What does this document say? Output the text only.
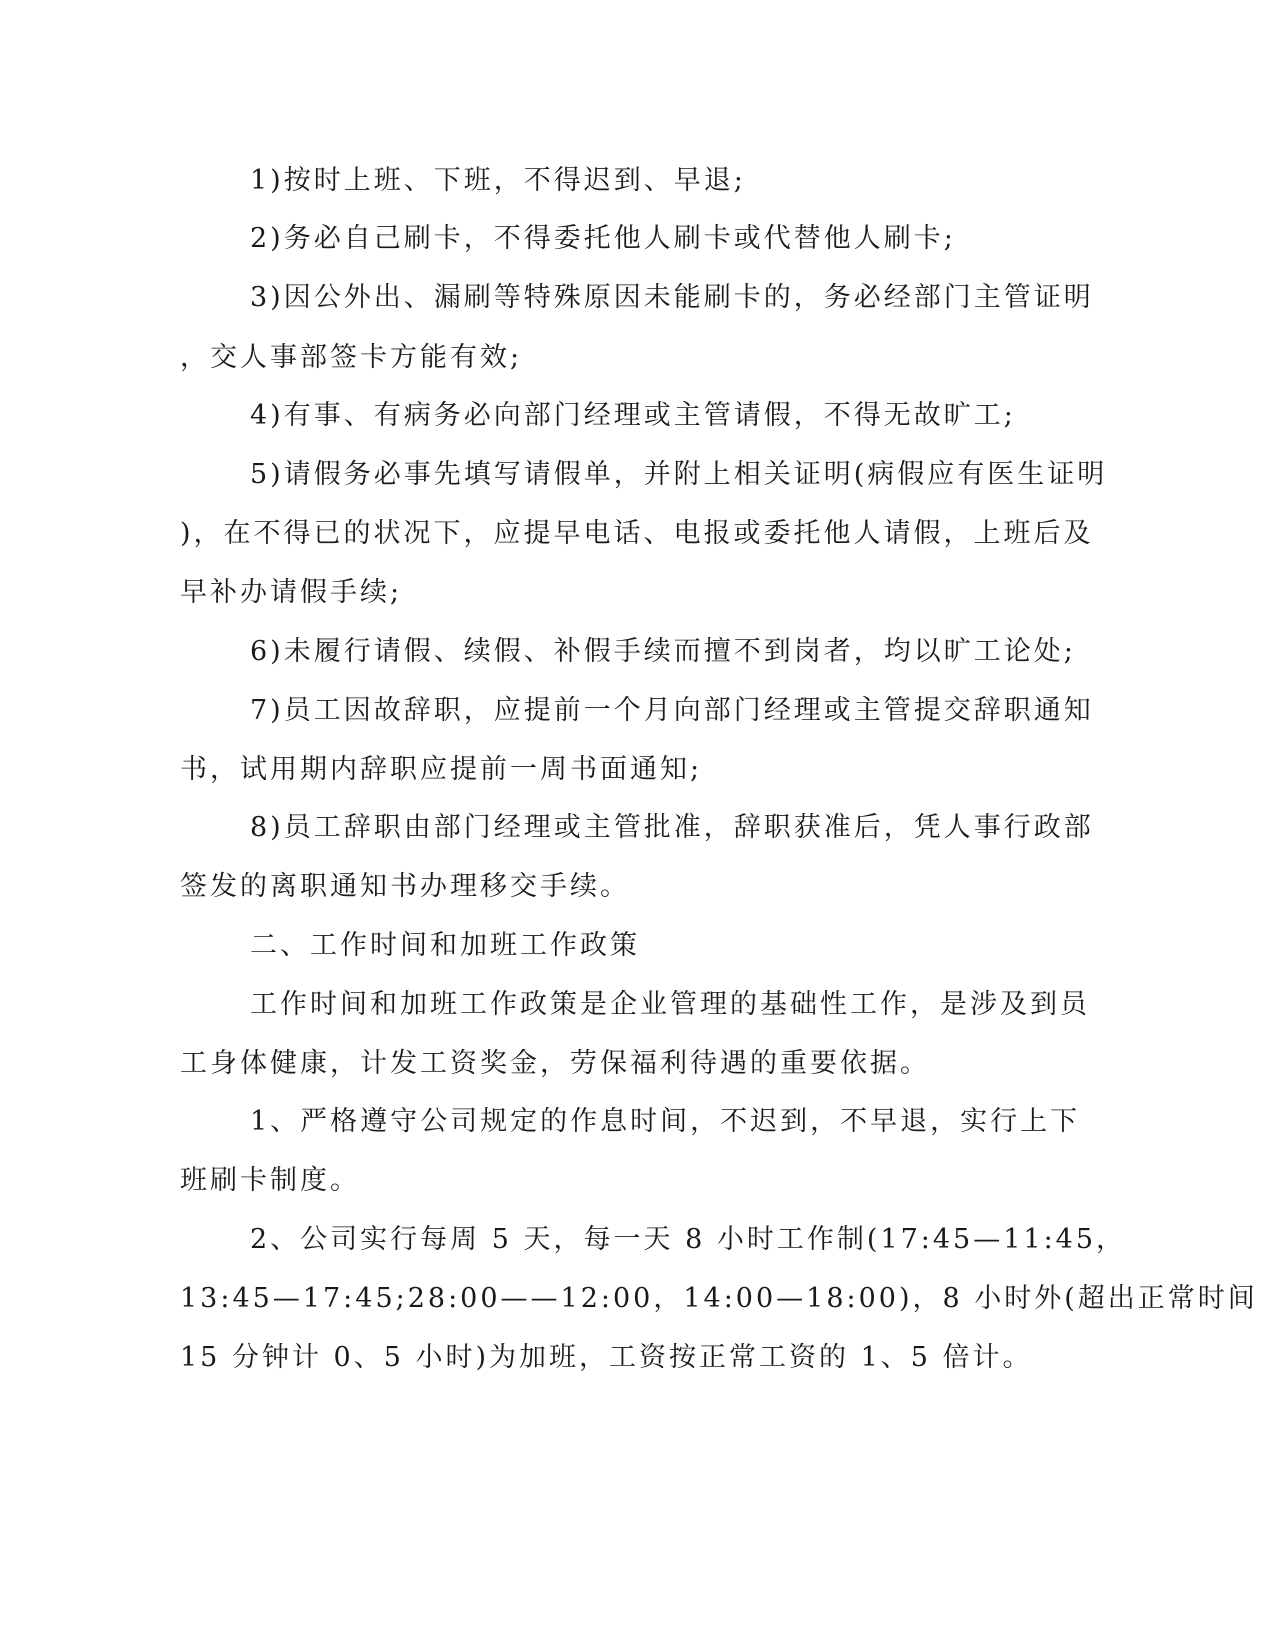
1)按时上班、下班，不得迟到、早退;
2)务必自己刷卡，不得委托他人刷卡或代替他人刷卡;
3)因公外出、漏刷等特殊原因未能刷卡的，务必经部门主管证明
，交人事部签卡方能有效;
4)有事、有病务必向部门经理或主管请假，不得无故旷工;
5)请假务必事先填写请假单，并附上相关证明(病假应有医生证明
)，在不得已的状况下，应提早电话、电报或委托他人请假，上班后及
早补办请假手续;
6)未履行请假、续假、补假手续而擅不到岗者，均以旷工论处;
7)员工因故辞职，应提前一个月向部门经理或主管提交辞职通知
书，试用期内辞职应提前一周书面通知;
8)员工辞职由部门经理或主管批准，辞职获准后，凭人事行政部
签发的离职通知书办理移交手续。
二、工作时间和加班工作政策
工作时间和加班工作政策是企业管理的基础性工作，是涉及到员
工身体健康，计发工资奖金，劳保福利待遇的重要依据。
1、严格遵守公司规定的作息时间，不迟到，不早退，实行上下
班刷卡制度。
2、公司实行每周 5 天，每一天 8 小时工作制(17:45—11:45，
13:45—17:45;28:00——12:00，14:00—18:00)，8 小时外(超出正常时间
15 分钟计 0、5 小时)为加班，工资按正常工资的 1、5 倍计。
